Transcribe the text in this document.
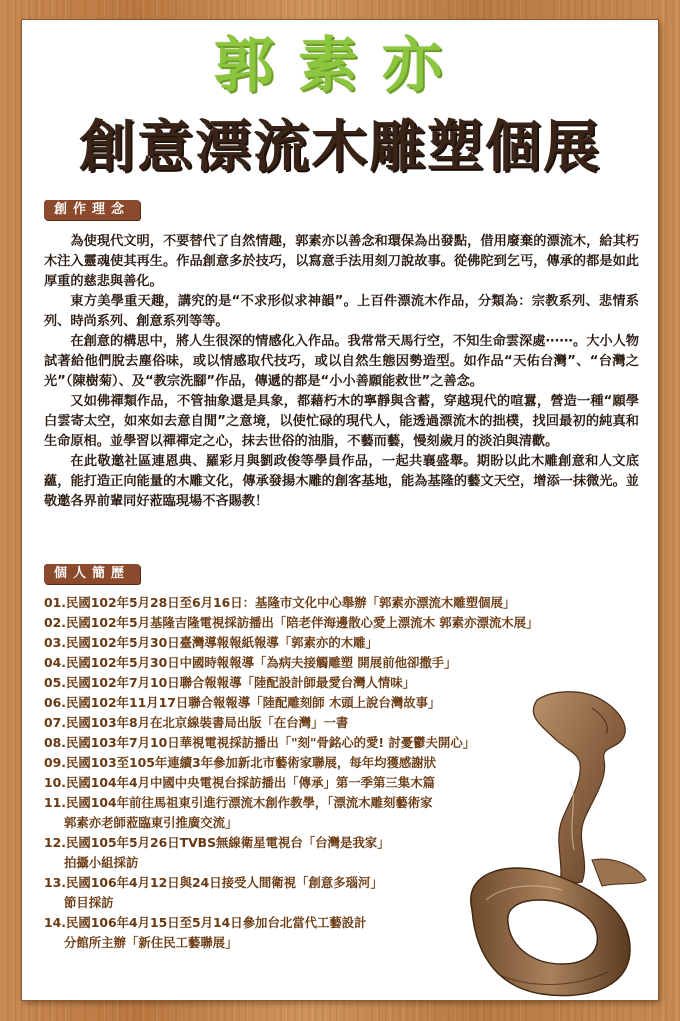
郭素亦
創意漂流木雕塑個展
創作理念

為使現代文明，不要替代了自然情趣，郭素亦以善念和環保為出發點，借用廢棄的漂流木，給其朽木注入靈魂使其再生。作品創意多於技巧，以寫意手法用刻刀說故事。從佛陀到乞丐，傳承的都是如此厚重的慈悲與善化。

東方美學重天趣，講究的是“不求形似求神韻”。上百件漂流木作品，分類為：宗教系列、悲情系列、時尚系列、創意系列等等。

在創意的構思中，將人生很深的情感化入作品。我常常天馬行空，不知生命雲深處‧‧‧‧‧‧。大小人物試著給他們脫去塵俗味，或以情感取代技巧，或以自然生態因勢造型。如作品“天佑台灣”、“台灣之光”（陳樹菊）、及“教宗洗腳”作品，傳遞的都是“小小善願能救世”之善念。

又如佛禪類作品，不管抽象還是具象，都藉朽木的寧靜與含蓄，穿越現代的喧囂，營造一種“願學白雲寄太空，如來如去意自閒”之意境，以使忙碌的現代人，能透過漂流木的拙樸，找回最初的純真和生命原相。並學習以禪禪定之心，抹去世俗的油脂，不藝而藝，慢刻歲月的淡泊與清歡。

在此敬邀社區連恩典、羅彩月與劉政俊等學員作品，一起共襄盛舉。期盼以此木雕創意和人文底蘊，能打造正向能量的木雕文化，傳承發揚木雕的創客基地，能為基隆的藝文天空，增添一抹微光。並敬邀各界前輩同好蒞臨現場不吝賜教！

個人簡歷
01.民國102年5月28日至6月16日：基隆市文化中心舉辦「郭素亦漂流木雕塑個展」
02.民國102年5月基隆吉隆電視採訪播出「陪老伴海邊散心愛上漂流木 郭素亦漂流木展」
03.民國102年5月30日臺灣導報報紙報導「郭素亦的木雕」
04.民國102年5月30日中國時報報導「為病夫接觸雕塑 開展前他卻撒手」
05.民國102年7月10日聯合報報導「陸配設計師最愛台灣人情味」
06.民國102年11月17日聯合報報導「陸配雕刻師 木頭上說台灣故事」
07.民國103年8月在北京線裝書局出版「在台灣」一書
08.民國103年7月10日華視電視採訪播出「"刻"骨銘心的愛! 討憂鬱夫開心」
09.民國103至105年連續3年參加新北市藝術家聯展，每年均獲感謝狀
10.民國104年4月中國中央電視台採訪播出「傳承」第一季第三集木篇
11.民國104年前往馬祖東引進行漂流木創作教學，「漂流木雕刻藝術家
郭素亦老師蒞臨東引推廣交流」
12.民國105年5月26日TVBS無線衛星電視台「台灣是我家」
拍攝小組採訪
13.民國106年4月12日與24日接受人間衛視「創意多瑙河」
節目採訪
14.民國106年4月15日至5月14日參加台北當代工藝設計
分館所主辦「新住民工藝聯展」
